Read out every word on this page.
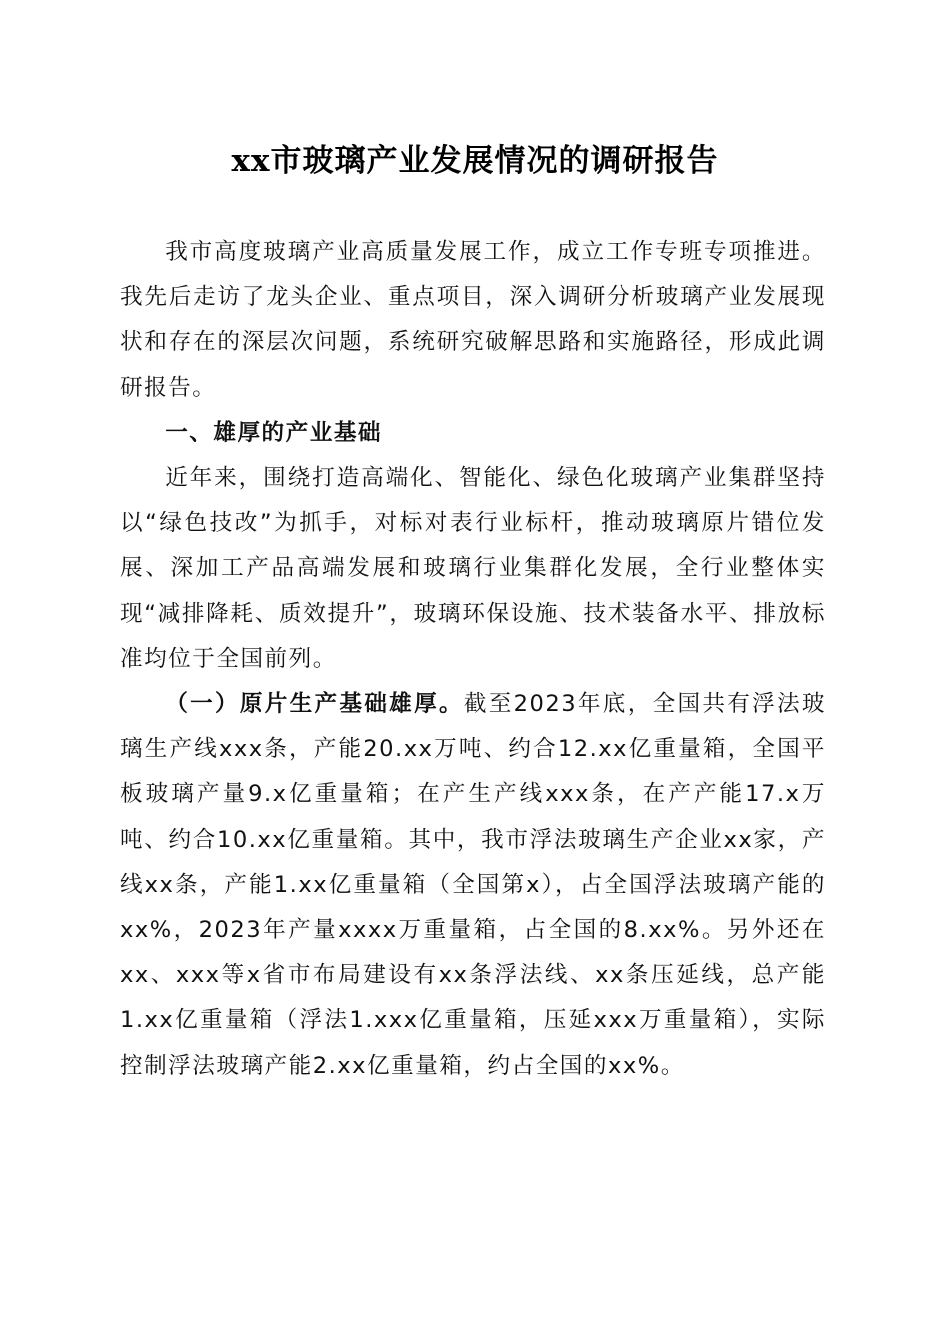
xx市玻璃产业发展情况的调研报告

我市高度玻璃产业高质量发展工作，成立工作专班专项推进。我先后走访了龙头企业、重点项目，深入调研分析玻璃产业发展现状和存在的深层次问题，系统研究破解思路和实施路径，形成此调研报告。

一、雄厚的产业基础

近年来，围绕打造高端化、智能化、绿色化玻璃产业集群坚持以“绿色技改”为抓手，对标对表行业标杆，推动玻璃原片错位发展、深加工产品高端发展和玻璃行业集群化发展，全行业整体实现“减排降耗、质效提升”，玻璃环保设施、技术装备水平、排放标准均位于全国前列。

（一）原片生产基础雄厚。截至2023年底，全国共有浮法玻璃生产线xxx条，产能20.xx万吨、约合12.xx亿重量箱，全国平板玻璃产量9.x亿重量箱；在产生产线xxx条，在产产能17.x万吨、约合10.xx亿重量箱。其中，我市浮法玻璃生产企业xx家，产线xx条，产能1.xx亿重量箱（全国第x），占全国浮法玻璃产能的xx%，2023年产量xxxx万重量箱，占全国的8.xx%。另外还在xx、xxx等x省市布局建设有xx条浮法线、xx条压延线，总产能1.xx亿重量箱（浮法1.xxx亿重量箱，压延xxx万重量箱），实际控制浮法玻璃产能2.xx亿重量箱，约占全国的xx%。
